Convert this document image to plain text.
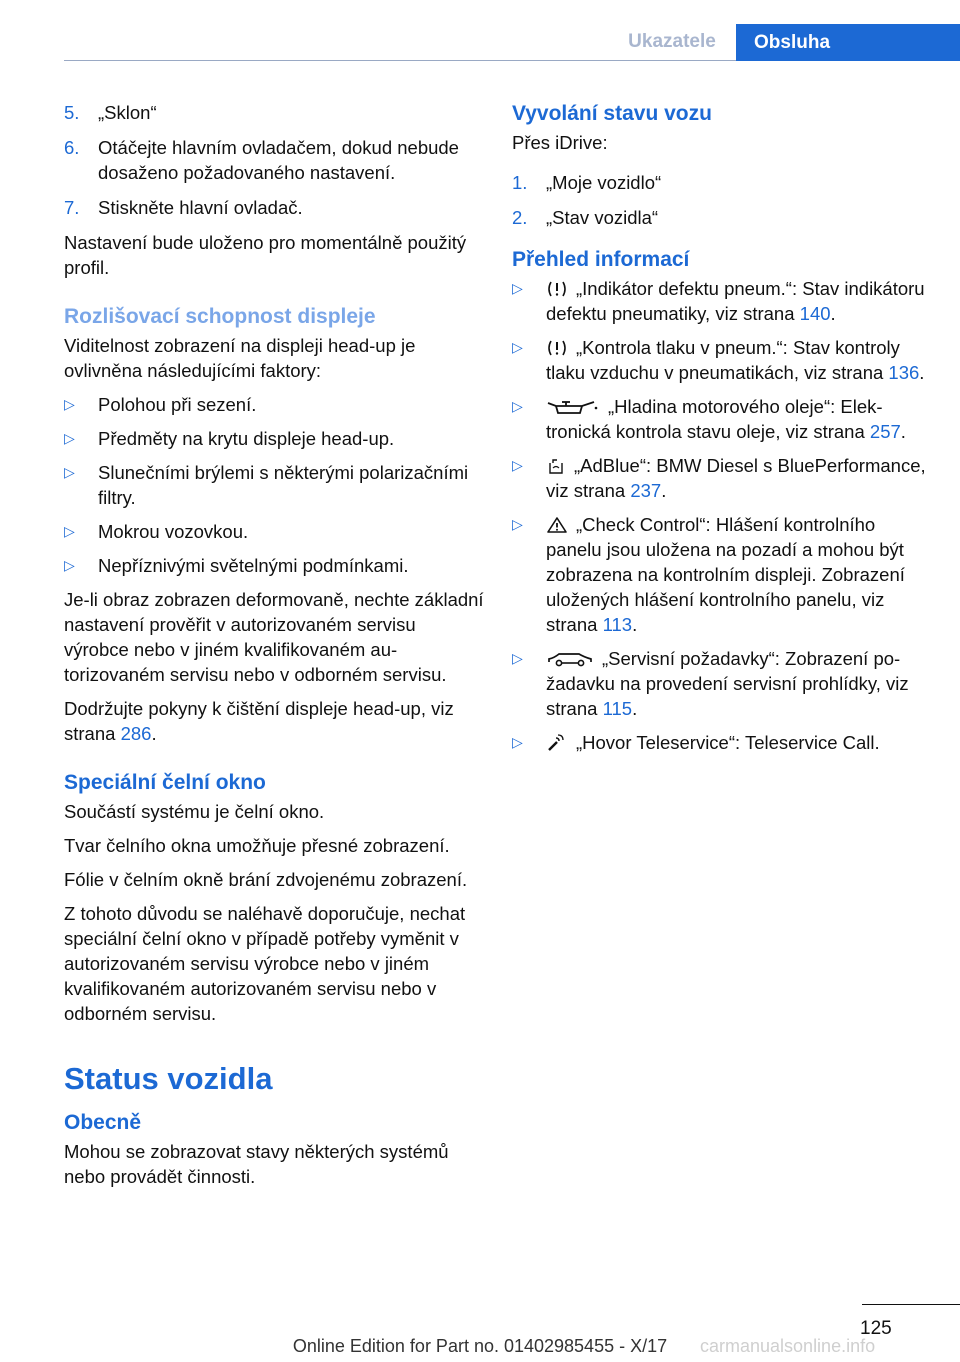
Ukazatele	Obsluha
5.	„Sklon“
6.	Otáčejte hlavním ovladačem, dokud nebude dosaženo požadovaného nastavení.
7.	Stiskněte hlavní ovladač.

Nastavení bude uloženo pro momentálně použitý profil.

Rozlišovací schopnost displeje

Viditelnost zobrazení na displeji head-up je ovlivněna následujícími faktory:

▷	Polohou při sezení.
▷	Předměty na krytu displeje head-up.
▷	Slunečními brýlemi s některými polarizačními filtry.
▷	Mokrou vozovkou.
▷	Nepříznivými světelnými podmínkami.

Je-li obraz zobrazen deformovaně, nechte základní nastavení prověřit v autorizovaném servisu výrobce nebo v jiném kvalifikovaném autorizovaném servisu nebo v odborném servisu.

Dodržujte pokyny k čištění displeje head-up, viz strana 286.

Speciální čelní okno

Součástí systému je čelní okno.

Tvar čelního okna umožňuje přesné zobrazení.

Fólie v čelním okně brání zdvojenému zobrazení.

Z tohoto důvodu se naléhavě doporučuje, nechat speciální čelní okno v případě potřeby vyměnit v autorizovaném servisu výrobce nebo v jiném kvalifikovaném autorizovaném servisu nebo v odborném servisu.

Status vozidla
Obecně

Mohou se zobrazovat stavy některých systémů nebo provádět činnosti.

Vyvolání stavu vozu

Přes iDrive:

1.	„Moje vozidlo“
2.	„Stav vozidla“
Přehled informací
▷	„Indikátor defektu pneum.“: Stav indikátoru defektu pneumatiky, viz strana 140.
▷	„Kontrola tlaku v pneum.“: Stav kontroly tlaku vzduchu v pneumatikách, viz strana 136.
▷	„Hladina motorového oleje“: Elektronická kontrola stavu oleje, viz strana 257.
▷	„AdBlue“: BMW Diesel s BluePerformance, viz strana 237.
▷	„Check Control“: Hlášení kontrolního panelu jsou uložena na pozadí a mohou být zobrazena na kontrolním displeji. Zobrazení uložených hlášení kontrolního panelu, viz strana 113.
▷	„Servisní požadavky“: Zobrazení požadavku na provedení servisní prohlídky, viz strana 115.
▷	„Hovor Teleservice“: Teleservice Call.
125
Online Edition for Part no. 01402985455 - X/17	carmanualsonline.info
